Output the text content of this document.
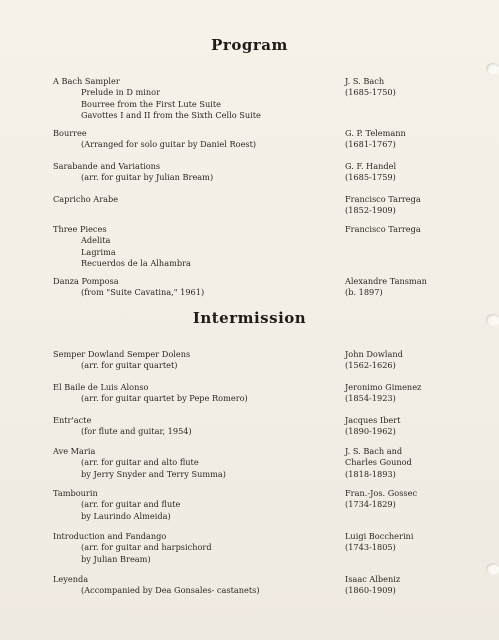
Program
A Bach Sampler
Prelude in D minor
Bourree from the First Lute Suite
Gavottes I and II from the Sixth Cello Suite
J. S. Bach
(1685-1750)
Bourree
(Arranged for solo guitar by Daniel Roest)
G. P. Telemann
(1681-1767)
Sarabande and Variations
(arr. for guitar by Julian Bream)
G. F. Handel
(1685-1759)
Capricho Arabe	Francisco Tarrega
(1852-1909)
Three Pieces
Adelita
Lagrima
Recuerdos de la Alhambra
Francisco Tarrega
Danza Pomposa
(from "Suite Cavatina," 1961)
Alexandre Tansman
(b. 1897)
Intermission
Semper Dowland Semper Dolens
(arr. for guitar quartet)
John Dowland
(1562-1626)
El Baile de Luis Alonso
(arr. for guitar quartet by Pepe Romero)
Jeronimo Gimenez
(1854-1923)
Entr'acte
(for flute and guitar, 1954)
Jacques Ibert
(1890-1962)
Ave Maria
(arr. for guitar and alto flute
by Jerry Snyder and Terry Summa)
J. S. Bach and
Charles Gounod
(1818-1893)
Tambourin
(arr. for guitar and flute
by Laurindo Almeida)
Fran.-Jos. Gossec
(1734-1829)
Introduction and Fandango
(arr. for guitar and harpsichord
by Julian Bream)
Luigi Boccherini
(1743-1805)
Leyenda
(Accompanied by Dea Gonsales- castanets)
Isaac Albeniz
(1860-1909)
